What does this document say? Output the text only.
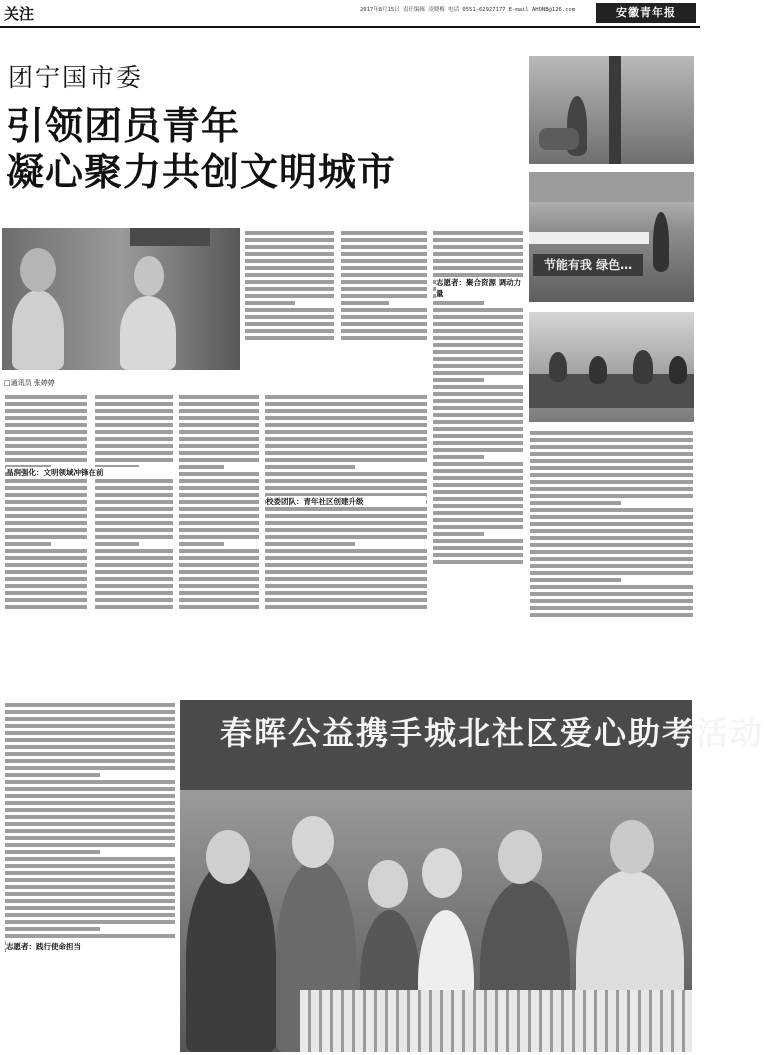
关注	2017年8月15日 责任编辑 凌晓梅 电话 0551-62927177 E-mail AHQNB@126.com	安徽青年报
团宁国市委
引领团员青年
凝心聚力共创文明城市
□通讯员 张婷婷
节能有我 绿色…
晶润强化：文明领域冲锋在前
校委团队：青年社区创建升级
志愿者：聚合资源 调动力量
志愿者：践行使命担当
春晖公益携手城北社区爱心助考活动
